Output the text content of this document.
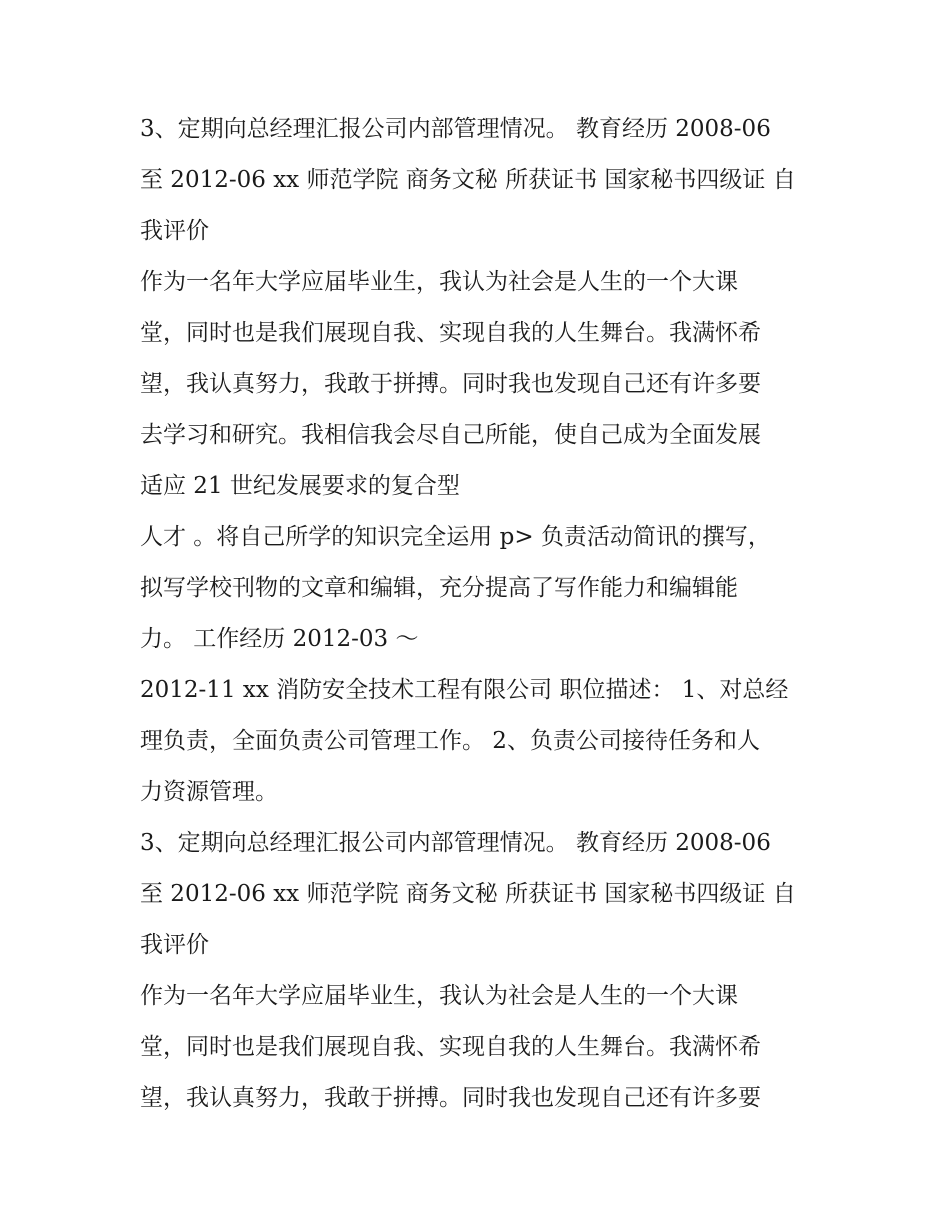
3、定期向总经理汇报公司内部管理情况。 教育经历 2008-06
至 2012-06 xx 师范学院 商务文秘 所获证书 国家秘书四级证 自
我评价
作为一名年大学应届毕业生，我认为社会是人生的一个大课
堂，同时也是我们展现自我、实现自我的人生舞台。我满怀希
望，我认真努力，我敢于拼搏。同时我也发现自己还有许多要
去学习和研究。我相信我会尽自己所能，使自己成为全面发展
适应 21 世纪发展要求的复合型
人才 。将自己所学的知识完全运用 p> 负责活动简讯的撰写，
拟写学校刊物的文章和编辑，充分提高了写作能力和编辑能
力。 工作经历 2012-03 ～
2012-11 xx 消防安全技术工程有限公司 职位描述： 1、对总经
理负责，全面负责公司管理工作。 2、负责公司接待任务和人
力资源管理。
3、定期向总经理汇报公司内部管理情况。 教育经历 2008-06
至 2012-06 xx 师范学院 商务文秘 所获证书 国家秘书四级证 自
我评价
作为一名年大学应届毕业生，我认为社会是人生的一个大课
堂，同时也是我们展现自我、实现自我的人生舞台。我满怀希
望，我认真努力，我敢于拼搏。同时我也发现自己还有许多要
